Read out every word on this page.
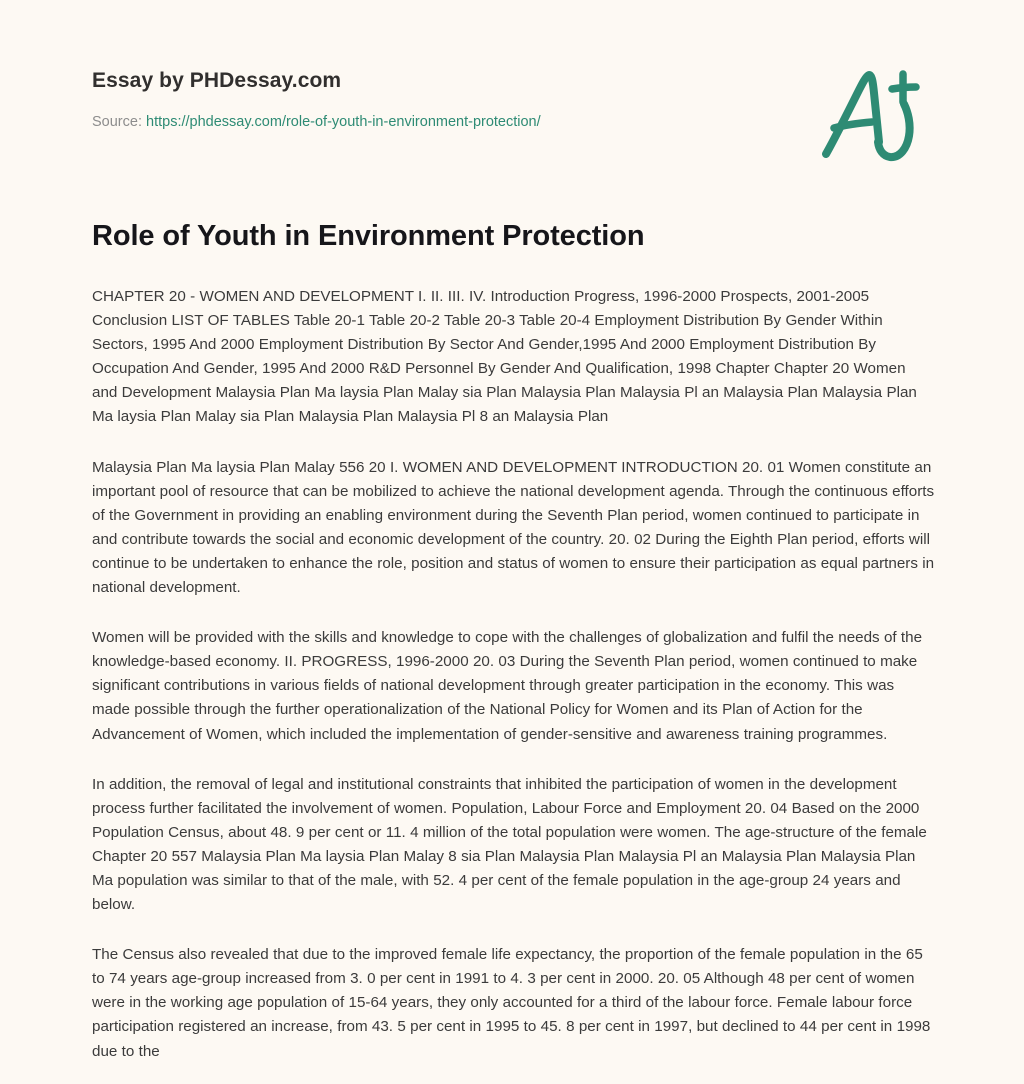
Essay by PHDessay.com
Source: https://phdessay.com/role-of-youth-in-environment-protection/
Role of Youth in Environment Protection

CHAPTER 20 - WOMEN AND DEVELOPMENT I. II. III. IV. Introduction Progress, 1996-2000 Prospects, 2001-2005 Conclusion LIST OF TABLES Table 20-1 Table 20-2 Table 20-3 Table 20-4 Employment Distribution By Gender Within Sectors, 1995 And 2000 Employment Distribution By Sector And Gender,1995 And 2000 Employment Distribution By Occupation And Gender, 1995 And 2000 R&D Personnel By Gender And Qualification, 1998 Chapter Chapter 20 Women and Development Malaysia Plan Ma laysia Plan Malay sia Plan Malaysia Plan Malaysia Pl an Malaysia Plan Malaysia Plan Ma laysia Plan Malay sia Plan Malaysia Plan Malaysia Pl 8 an Malaysia Plan

Malaysia Plan Ma laysia Plan Malay 556 20 I. WOMEN AND DEVELOPMENT INTRODUCTION 20. 01 Women constitute an important pool of resource that can be mobilized to achieve the national development agenda. Through the continuous efforts of the Government in providing an enabling environment during the Seventh Plan period, women continued to participate in and contribute towards the social and economic development of the country. 20. 02 During the Eighth Plan period, efforts will continue to be undertaken to enhance the role, position and status of women to ensure their participation as equal partners in national development.

Women will be provided with the skills and knowledge to cope with the challenges of globalization and fulfil the needs of the knowledge-based economy. II. PROGRESS, 1996-2000 20. 03 During the Seventh Plan period, women continued to make significant contributions in various fields of national development through greater participation in the economy. This was made possible through the further operationalization of the National Policy for Women and its Plan of Action for the Advancement of Women, which included the implementation of gender-sensitive and awareness training programmes.

In addition, the removal of legal and institutional constraints that inhibited the participation of women in the development process further facilitated the involvement of women. Population, Labour Force and Employment 20. 04 Based on the 2000 Population Census, about 48. 9 per cent or 11. 4 million of the total population were women. The age-structure of the female Chapter 20 557 Malaysia Plan Ma laysia Plan Malay 8 sia Plan Malaysia Plan Malaysia Pl an Malaysia Plan Malaysia Plan Ma population was similar to that of the male, with 52. 4 per cent of the female population in the age-group 24 years and below.

The Census also revealed that due to the improved female life expectancy, the proportion of the female population in the 65 to 74 years age-group increased from 3. 0 per cent in 1991 to 4. 3 per cent in 2000. 20. 05 Although 48 per cent of women were in the working age population of 15-64 years, they only accounted for a third of the labour force. Female labour force participation registered an increase, from 43. 5 per cent in 1995 to 45. 8 per cent in 1997, but declined to 44 per cent in 1998 due to the
